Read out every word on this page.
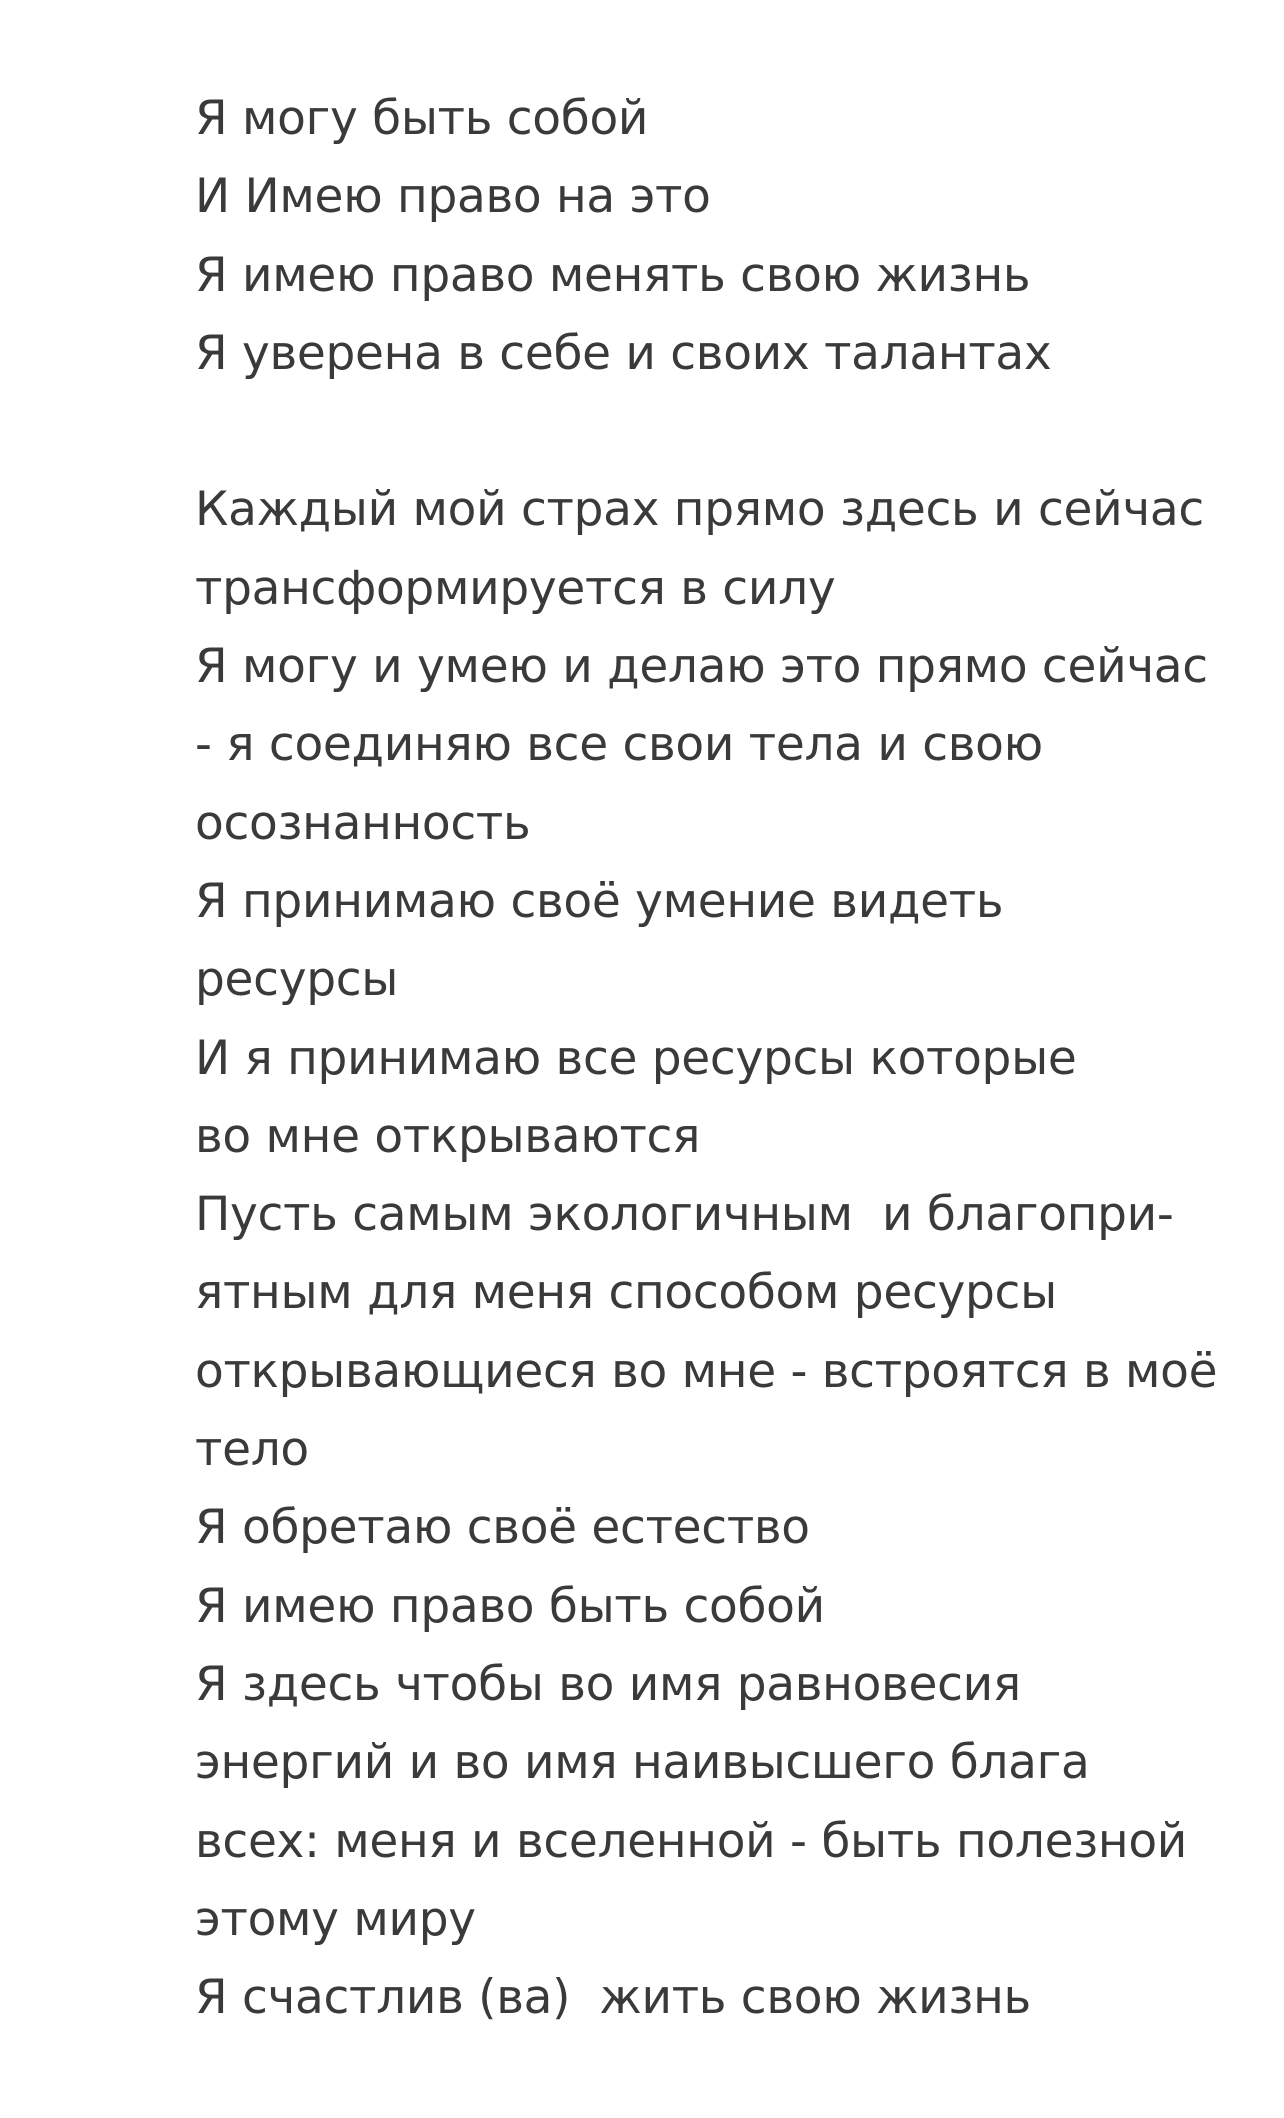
Я могу быть собой
И Имею право на это
Я имею право менять свою жизнь
Я уверена в себе и своих талантах
Каждый мой страх прямо здесь и сейчас
трансформируется в силу
Я могу и умею и делаю это прямо сейчас
- я соединяю все свои тела и свою
осознанность
Я принимаю своё умение видеть
ресурсы
И я принимаю все ресурсы которые
во мне открываются
Пусть самым экологичным  и благопри-
ятным для меня способом ресурсы
открывающиеся во мне - встроятся в моё
тело
Я обретаю своё естество
Я имею право быть собой
Я здесь чтобы во имя равновесия
энергий и во имя наивысшего блага
всех: меня и вселенной - быть полезной
этому миру
Я счастлив (ва)  жить свою жизнь
